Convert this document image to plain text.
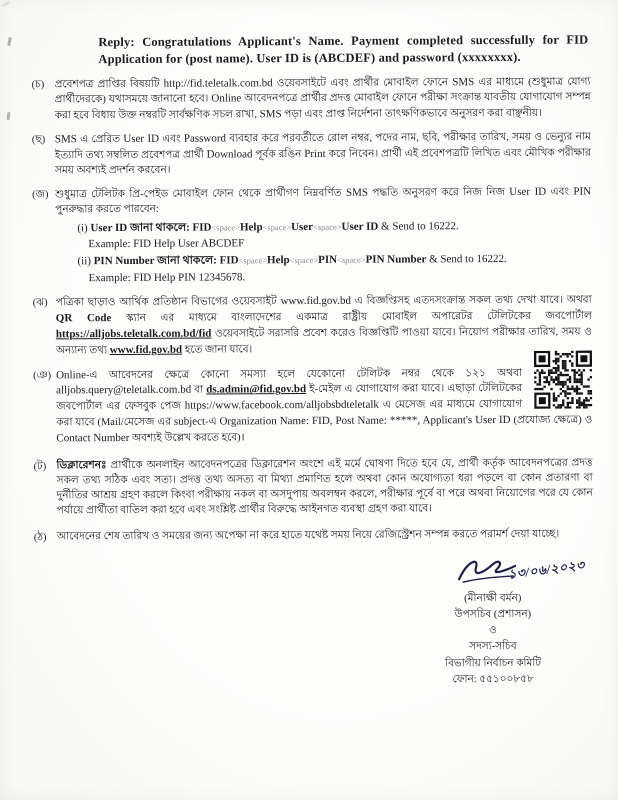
Reply: Congratulations Applicant's Name. Payment completed successfully for FID Application for (post name). User ID is (ABCDEF) and password (xxxxxxxx).
(চ) প্রবেশপত্র প্রাপ্তির বিষয়টি http://fid.teletalk.com.bd ওয়েবসাইটে এবং প্রার্থীর মোবাইল ফোনে SMS এর মাধ্যমে (শুধুমাত্র যোগ্য প্রার্থীদেরকে) যথাসময়ে জানানো হবে। Online আবেদনপত্রে প্রার্থীর প্রদত্ত মোবাইল ফোনে পরীক্ষা সংক্রান্ত যাবতীয় যোগাযোগ সম্পন্ন করা হবে বিধায় উক্ত নম্বরটি সার্বক্ষণিক সচল রাখা, SMS পড়া এবং প্রাপ্ত নির্দেশনা তাৎক্ষণিকভাবে অনুসরণ করা বাঞ্ছনীয়।
(ছ) SMS এ প্রেরিত User ID এবং Password ব্যবহার করে পরবর্তীতে রোল নম্বর, পদের নাম, ছবি, পরীক্ষার তারিখ, সময় ও ভেন্যুর নাম ইত্যাদি তথ্য সম্বলিত প্রবেশপত্র প্রার্থী Download পূর্বক রঙিন Print করে নিবেন। প্রার্থী এই প্রবেশপত্রটি লিখিত এবং মৌখিক পরীক্ষার সময় অবশ্যই প্রদর্শন করবেন।
(জ) শুধুমাত্র টেলিটক প্রি-পেইড মোবাইল ফোন থেকে প্রার্থীগণ নিম্নবর্ণিত SMS পদ্ধতি অনুসরণ করে নিজ নিজ User ID এবং PIN পুনরুদ্ধার করতে পারবেন:
(i) User ID জানা থাকলে: FID<space>Help<space>User<space>User ID & Send to 16222.
Example: FID Help User ABCDEF
(ii) PIN Number জানা থাকলে: FID<space>Help<space>PIN<space>PIN Number & Send to 16222.
Example: FID Help PIN 12345678.
(ঝ) পত্রিকা ছাড়াও আর্থিক প্রতিষ্ঠান বিভাগের ওয়েবসাইট www.fid.gov.bd এ বিজ্ঞপ্তিসহ এতদসংক্রান্ত সকল তথ্য দেখা যাবে। অথবা QR Code স্ক্যান এর মাধ্যমে বাংলাদেশের একমাত্র রাষ্ট্রীয় মোবাইল অপারেটর টেলিটকের জবপোর্টাল https://alljobs.teletalk.com.bd/fid ওয়েবসাইটে সরাসরি প্রবেশ করেও বিজ্ঞপ্তিটি পাওয়া যাবে। নিয়োগ পরীক্ষার তারিখ, সময় ও অন্যান্য তথ্য www.fid.gov.bd হতে জানা যাবে।
(ঞ) Online-এ আবেদনের ক্ষেত্রে কোনো সমস্যা হলে যেকোনো টেলিটক নম্বর থেকে ১২১ অথবা alljobs.query@teletalk.com.bd বা ds.admin@fid.gov.bd ই-মেইল এ যোগাযোগ করা যাবে। এছাড়া টেলিটকের জবপোর্টাল এর ফেসবুক পেজ https://www.facebook.com/alljobsbdteletalk এ মেসেজ এর মাধ্যমে যোগাযোগ করা যাবে (Mail/মেসেজ এর subject-এ Organization Name: FID, Post Name: *****, Applicant's User ID (প্রযোজ্য ক্ষেত্রে) ও Contact Number অবশ্যই উল্লেখ করতে হবে)।
(ট) ডিক্লারেশনঃ প্রার্থীকে অনলাইন আবেদনপত্রের ডিক্লারেশন অংশে এই মর্মে ঘোষণা দিতে হবে যে, প্রার্থী কর্তৃক আবেদনপত্রের প্রদত্ত সকল তথ্য সঠিক এবং সত্য। প্রদত্ত তথ্য অসত্য বা মিথ্যা প্রমাণিত হলে অথবা কোন অযোগ্যতা ধরা পড়লে বা কোন প্রতারণা বা দুর্নীতির আশ্রয় গ্রহণ করলে কিংবা পরীক্ষায় নকল বা অসদুপায় অবলম্বন করলে, পরীক্ষার পূর্বে বা পরে অথবা নিয়োগের পরে যে কোন পর্যায়ে প্রার্থীতা বাতিল করা হবে এবং সংশ্লিষ্ট প্রার্থীর বিরুদ্ধে আইনগত ব্যবস্থা গ্রহণ করা যাবে।
(ঠ) আবেদনের শেষ তারিখ ও সময়ের জন্য অপেক্ষা না করে হাতে যথেষ্ট সময় নিয়ে রেজিস্ট্রেশন সম্পন্ন করতে পরামর্শ দেয়া যাচ্ছে।
১৩/০৬/২০২৩
(মীনাক্ষী বর্মন)
উপসচিব (প্রশাসন)
ও
সদস্য-সচিব
বিভাগীয় নির্বাচন কমিটি
ফোন: ৫৫১০০৮৫৮
